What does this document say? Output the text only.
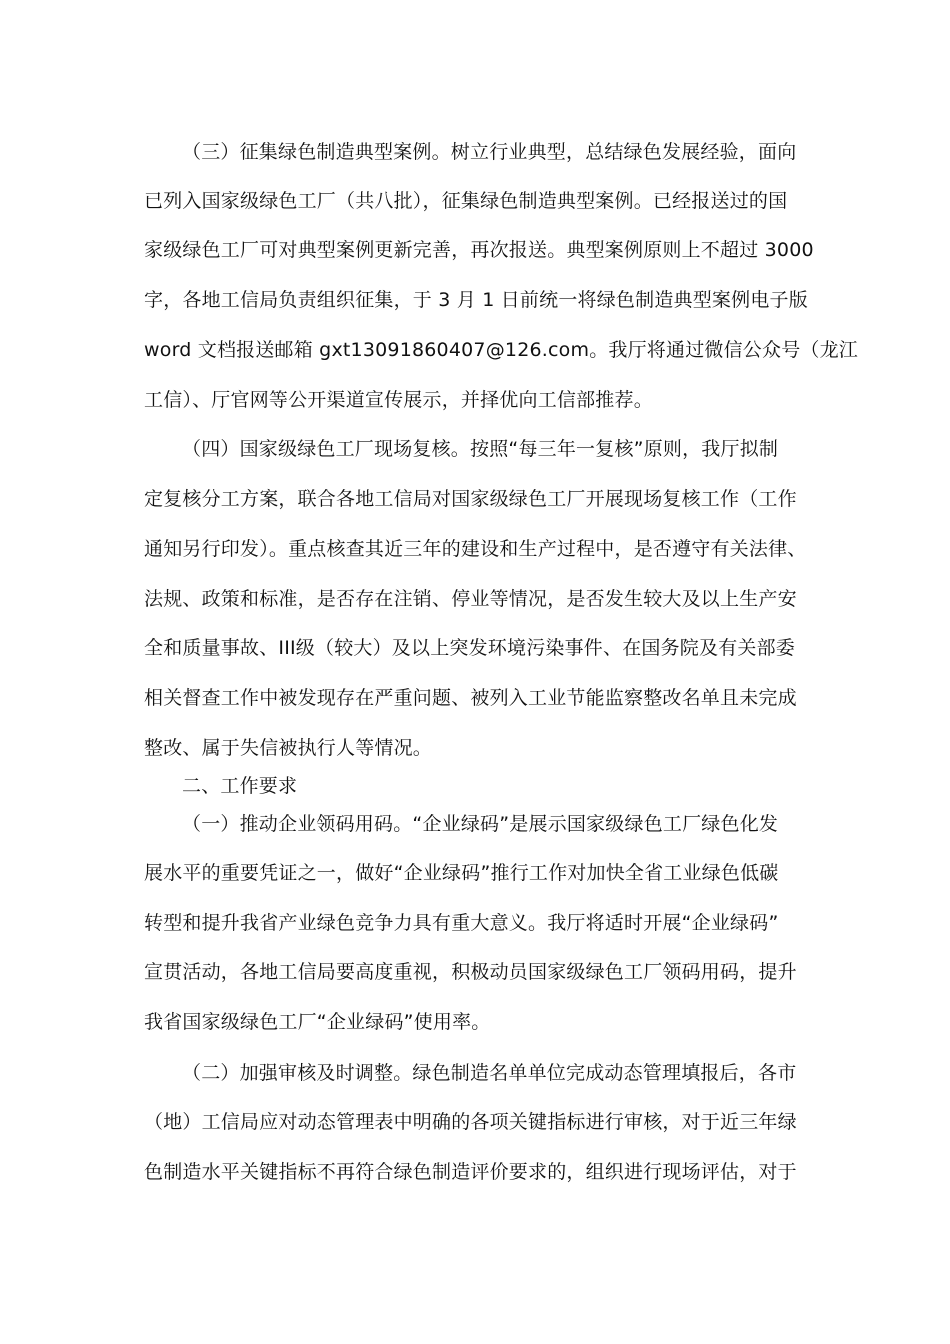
（三）征集绿色制造典型案例。树立行业典型，总结绿色发展经验，面向
已列入国家级绿色工厂（共八批），征集绿色制造典型案例。已经报送过的国
家级绿色工厂可对典型案例更新完善，再次报送。典型案例原则上不超过 3000
字，各地工信局负责组织征集，于 3 月 1 日前统一将绿色制造典型案例电子版
word 文档报送邮箱 gxt13091860407@126.com。我厅将通过微信公众号（龙江
工信）、厅官网等公开渠道宣传展示，并择优向工信部推荐。
（四）国家级绿色工厂现场复核。按照“每三年一复核”原则，我厅拟制
定复核分工方案，联合各地工信局对国家级绿色工厂开展现场复核工作（工作
通知另行印发）。重点核查其近三年的建设和生产过程中，是否遵守有关法律、
法规、政策和标准，是否存在注销、停业等情况，是否发生较大及以上生产安
全和质量事故、III级（较大）及以上突发环境污染事件、在国务院及有关部委
相关督查工作中被发现存在严重问题、被列入工业节能监察整改名单且未完成
整改、属于失信被执行人等情况。
二、工作要求
（一）推动企业领码用码。“企业绿码”是展示国家级绿色工厂绿色化发
展水平的重要凭证之一，做好“企业绿码”推行工作对加快全省工业绿色低碳
转型和提升我省产业绿色竞争力具有重大意义。我厅将适时开展“企业绿码”
宣贯活动，各地工信局要高度重视，积极动员国家级绿色工厂领码用码，提升
我省国家级绿色工厂“企业绿码”使用率。
（二）加强审核及时调整。绿色制造名单单位完成动态管理填报后，各市
（地）工信局应对动态管理表中明确的各项关键指标进行审核，对于近三年绿
色制造水平关键指标不再符合绿色制造评价要求的，组织进行现场评估，对于
